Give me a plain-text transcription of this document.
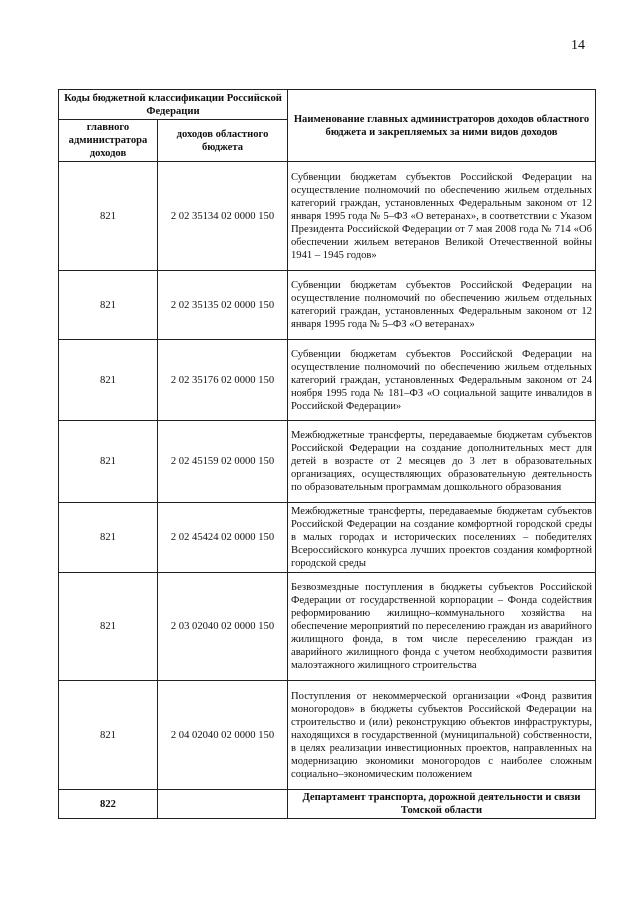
14
Коды бюджетной классификации Российской Федерации		Наименование главных администраторов доходов областного бюджета и закрепляемых за ними видов доходов
главного администратора доходов	доходов областного бюджета	
821	2 02 35134 02 0000 150	Субвенции бюджетам субъектов Российской Федерации на осуществление полномочий по обеспечению жильем отдельных категорий граждан, установленных Федеральным законом от 12 января 1995 года № 5–ФЗ «О ветеранах», в соответствии с Указом Президента Российской Федерации от 7 мая 2008 года № 714 «Об обеспечении жильем ветеранов Великой Отечественной войны 1941 – 1945 годов»
821	2 02 35135 02 0000 150	Субвенции бюджетам субъектов Российской Федерации на осуществление полномочий по обеспечению жильем отдельных категорий граждан, установленных Федеральным законом от 12 января 1995 года № 5–ФЗ «О ветеранах»
821	2 02 35176 02 0000 150	Субвенции бюджетам субъектов Российской Федерации на осуществление полномочий по обеспечению жильем отдельных категорий граждан, установленных Федеральным законом от 24 ноября 1995 года № 181–ФЗ «О социальной защите инвалидов в Российской Федерации»
821	2 02 45159 02 0000 150	Межбюджетные трансферты, передаваемые бюджетам субъектов Российской Федерации на создание дополнительных мест для детей в возрасте от 2 месяцев до 3 лет в образовательных организациях, осуществляющих образовательную деятельность по образовательным программам дошкольного образования
821	2 02 45424 02 0000 150	Межбюджетные трансферты, передаваемые бюджетам субъектов Российской Федерации на создание комфортной городской среды в малых городах и исторических поселениях – победителях Всероссийского конкурса лучших проектов создания комфортной городской среды
821	2 03 02040 02 0000 150	Безвозмездные поступления в бюджеты субъектов Российской Федерации от государственной корпорации – Фонда содействия реформированию жилищно–коммунального хозяйства на обеспечение мероприятий по переселению граждан из аварийного жилищного фонда, в том числе переселению граждан из аварийного жилищного фонда с учетом необходимости развития малоэтажного жилищного строительства
821	2 04 02040 02 0000 150	Поступления от некоммерческой организации «Фонд развития моногородов» в бюджеты субъектов Российской Федерации на строительство и (или) реконструкцию объектов инфраструктуры, находящихся в государственной (муниципальной) собственности, в целях реализации инвестиционных проектов, направленных на модернизацию экономики моногородов с наиболее сложным социально–экономическим положением
822		Департамент транспорта, дорожной деятельности и связи Томской области
